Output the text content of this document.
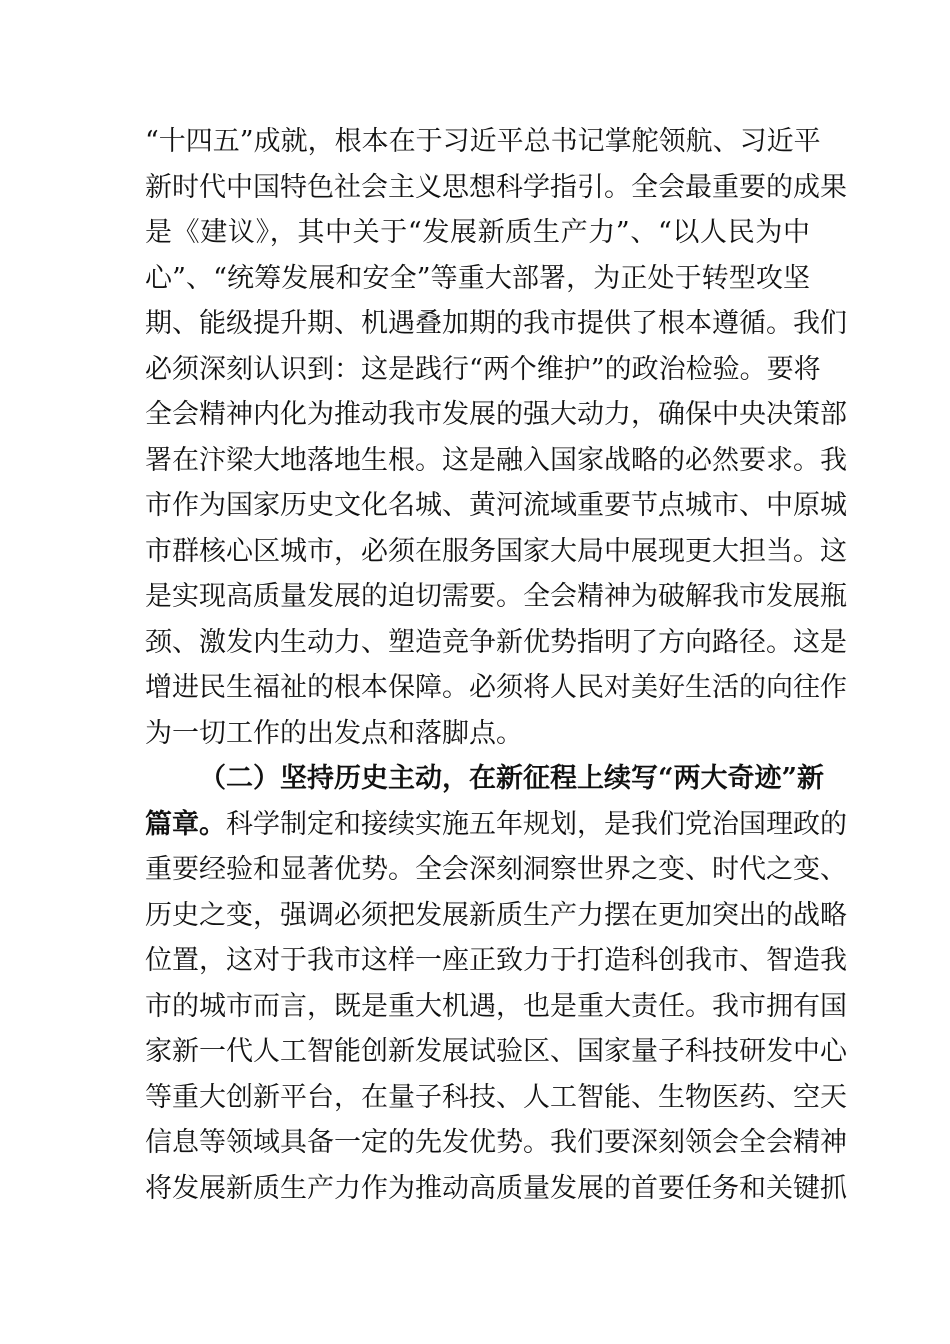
“十四五”成就，根本在于习近平总书记掌舵领航、习近平
新时代中国特色社会主义思想科学指引。全会最重要的成果
是《建议》，其中关于“发展新质生产力”、“以人民为中
心”、“统筹发展和安全”等重大部署，为正处于转型攻坚
期、能级提升期、机遇叠加期的我市提供了根本遵循。我们
必须深刻认识到：这是践行“两个维护”的政治检验。要将
全会精神内化为推动我市发展的强大动力，确保中央决策部
署在汴梁大地落地生根。这是融入国家战略的必然要求。我
市作为国家历史文化名城、黄河流域重要节点城市、中原城
市群核心区城市，必须在服务国家大局中展现更大担当。这
是实现高质量发展的迫切需要。全会精神为破解我市发展瓶
颈、激发内生动力、塑造竞争新优势指明了方向路径。这是
增进民生福祉的根本保障。必须将人民对美好生活的向往作
为一切工作的出发点和落脚点。
（二）坚持历史主动，在新征程上续写“两大奇迹”新
篇章。科学制定和接续实施五年规划，是我们党治国理政的
重要经验和显著优势。全会深刻洞察世界之变、时代之变、
历史之变，强调必须把发展新质生产力摆在更加突出的战略
位置，这对于我市这样一座正致力于打造科创我市、智造我
市的城市而言，既是重大机遇，也是重大责任。我市拥有国
家新一代人工智能创新发展试验区、国家量子科技研发中心
等重大创新平台，在量子科技、人工智能、生物医药、空天
信息等领域具备一定的先发优势。我们要深刻领会全会精神
将发展新质生产力作为推动高质量发展的首要任务和关键抓
